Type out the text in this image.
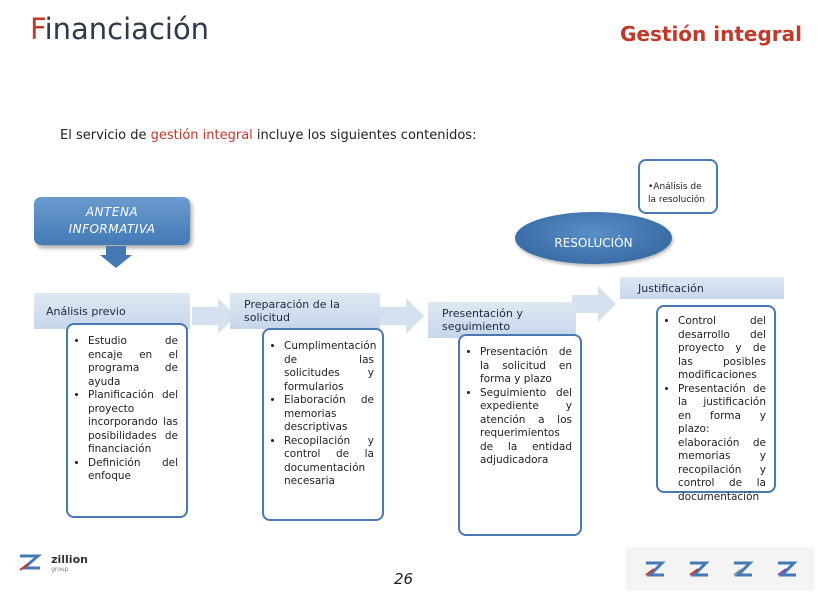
Financiación	Gestión integral
El servicio de gestión integral incluye los siguientes contenidos:
ANTENA
INFORMATIVA
•Análisis de la resolución
RESOLUCIÓN
Análisis previo
• Estudio de encaje en el programa de ayuda
• Planificación del proyecto incorporando las posibilidades de financiación
• Definición del enfoque
Preparación de la solicitud
• Cumplimentación de las solicitudes y formularios
• Elaboración de memorias descriptivas
• Recopilación y control de la documentación necesaria
Presentación y seguimiento
• Presentación de la solicitud en forma y plazo
• Seguimiento del expediente y atención a los requerimientos de la entidad adjudicadora
Justificación
• Control del desarrollo del proyecto y de las posibles modificaciones
• Presentación de la justificación en forma y plazo: elaboración de memorias y recopilación y control de la documentación

zillion
group
26
